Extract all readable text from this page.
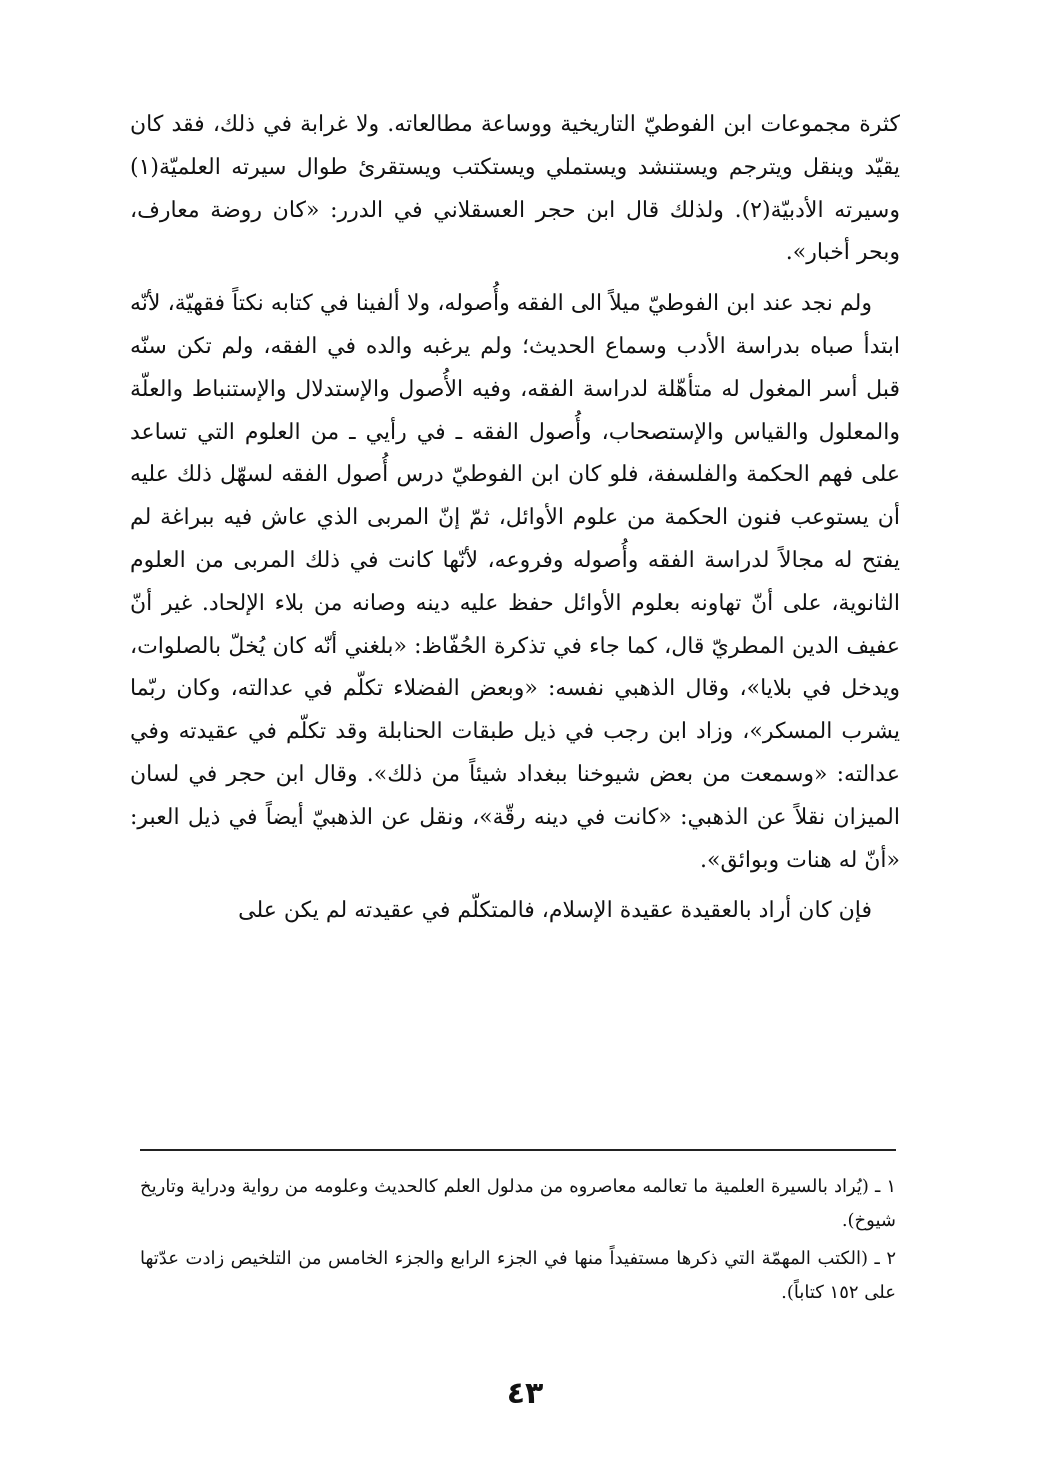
كثرة مجموعات ابن الفوطيّ التاريخية ووساعة مطالعاته. ولا غرابة في ذلك، فقد كان يقيّد وينقل ويترجم ويستنشد ويستملي ويستكتب ويستقرئ طوال سيرته العلميّة(١) وسيرته الأدبيّة(٢). ولذلك قال ابن حجر العسقلاني في الدرر: «كان روضة معارف، وبحر أخبار».

ولم نجد عند ابن الفوطيّ ميلاً الى الفقه وأُصوله، ولا ألفينا في كتابه نكتاً فقهيّة، لأنّه ابتدأ صباه بدراسة الأدب وسماع الحديث؛ ولم يرغبه والده في الفقه، ولم تكن سنّه قبل أسر المغول له متأهّلة لدراسة الفقه، وفيه الأُصول والإستدلال والإستنباط والعلّة والمعلول والقياس والإستصحاب، وأُصول الفقه ـ في رأيي ـ من العلوم التي تساعد على فهم الحكمة والفلسفة، فلو كان ابن الفوطيّ درس أُصول الفقه لسهّل ذلك عليه أن يستوعب فنون الحكمة من علوم الأوائل، ثمّ إنّ المربى الذي عاش فيه ببراغة لم يفتح له مجالاً لدراسة الفقه وأُصوله وفروعه، لأنّها كانت في ذلك المربى من العلوم الثانوية، على أنّ تهاونه بعلوم الأوائل حفظ عليه دينه وصانه من بلاء الإلحاد. غير أنّ عفيف الدين المطريّ قال، كما جاء في تذكرة الحُفّاظ: «بلغني أنّه كان يُخلّ بالصلوات، ويدخل في بلايا»، وقال الذهبي نفسه: «وبعض الفضلاء تكلّم في عدالته، وكان ربّما يشرب المسكر»، وزاد ابن رجب في ذيل طبقات الحنابلة وقد تكلّم في عقيدته وفي عدالته: «وسمعت من بعض شيوخنا ببغداد شيئاً من ذلك». وقال ابن حجر في لسان الميزان نقلاً عن الذهبي: «كانت في دينه رقّة»، ونقل عن الذهبيّ أيضاً في ذيل العبر: «أنّ له هنات وبوائق».

فإن كان أراد بالعقيدة عقيدة الإسلام، فالمتكلّم في عقيدته لم يكن على

١ ـ (يُراد بالسيرة العلمية ما تعالمه معاصروه من مدلول العلم كالحديث وعلومه من رواية ودراية وتاريخ شيوخ).

٢ ـ (الكتب المهمّة التي ذكرها مستفيداً منها في الجزء الرابع والجزء الخامس من التلخيص زادت عدّتها على ١٥٢ كتاباً).

٤٣
